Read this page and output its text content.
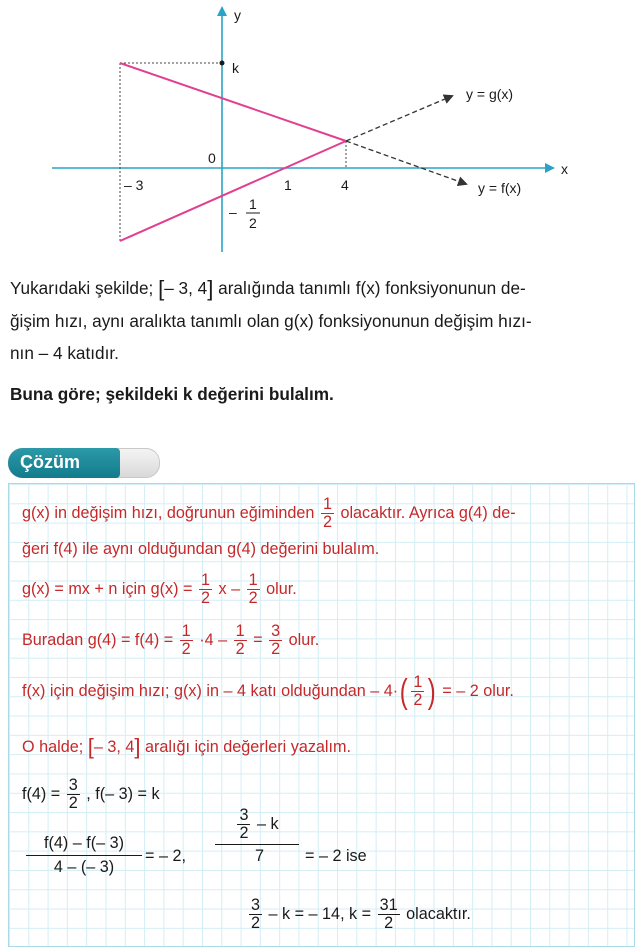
y
x
0
k
– 3	1	4
– 1
2
y = g(x)
y = f(x)

Yukarıdaki şekilde; [– 3, 4] aralığında tanımlı f(x) fonksiyonunun de-

ğişim hızı, aynı aralıkta tanımlı olan g(x) fonksiyonunun değişim hızı-

nın – 4 katıdır.

Buna göre; şekildeki k değerini bulalım.
Çözüm
g(x) in değişim hızı, doğrunun eğiminden $\frac{1}{2}$ olacaktır. Ayrıca g(4) de-
ğeri f(4) ile aynı olduğundan g(4) değerini bulalım.
g(x) = mx + n için $g(x) = \frac{1}{2}$ x – $\frac{1}{2}$ olur.
Buradan $g(4) = f(4) = \frac{1}{2} \cdot 4 - \frac{1}{2} = \frac{3}{2}$ olur.
f(x) için değişim hızı; g(x) in – 4 katı olduğundan – $4\cdot( \frac{1}{2}$ ) = – 2 olur.
O halde; [– 3, 4] aralığı için değerleri yazalım.
$f(4) = \frac{3}{2}$ , f(– 3) = k
f(4) – f(– 3)
4 – (– 3)
= – 2,
$\frac{3}{2}$ – k
7	= – 2 ise
$\frac{3}{2}$ – k = – 14, $k = \frac{31}{2}$ olacaktır.
